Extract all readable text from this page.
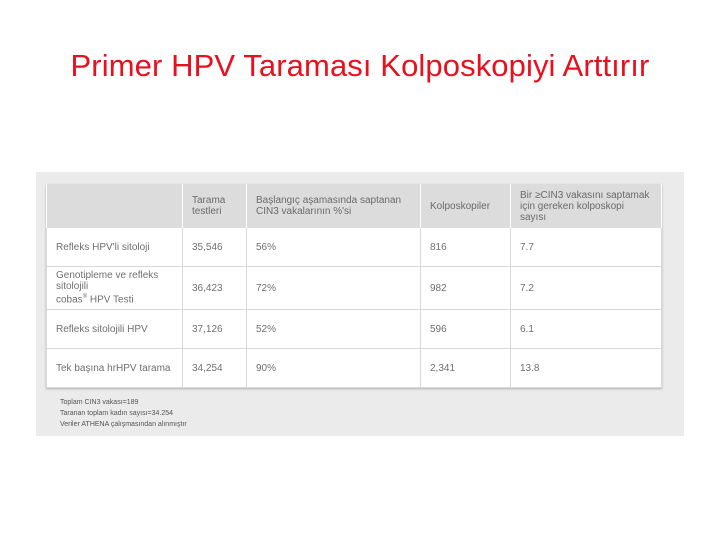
Primer HPV Taraması Kolposkopiyi Arttırır
	Tarama testleri	Başlangıç aşamasında saptanan CIN3 vakalarının %'si	Kolposkopiler	Bir ≥CIN3 vakasını saptamak için gereken kolposkopi sayısı
Refleks HPV'li sitoloji	35,546	56%	816	7.7

Genotipleme ve refleks
sitolojili
cobas® HPV Testi	36,423	72%	982	7.2
Refleks sitolojili HPV	37,126	52%	596	6.1
Tek başına hrHPV tarama	34,254	90%	2,341	13.8
Toplam CIN3 vakası=189
Taranan toplam kadın sayısı=34.254
Veriler ATHENA çalışmasından alınmıştır
